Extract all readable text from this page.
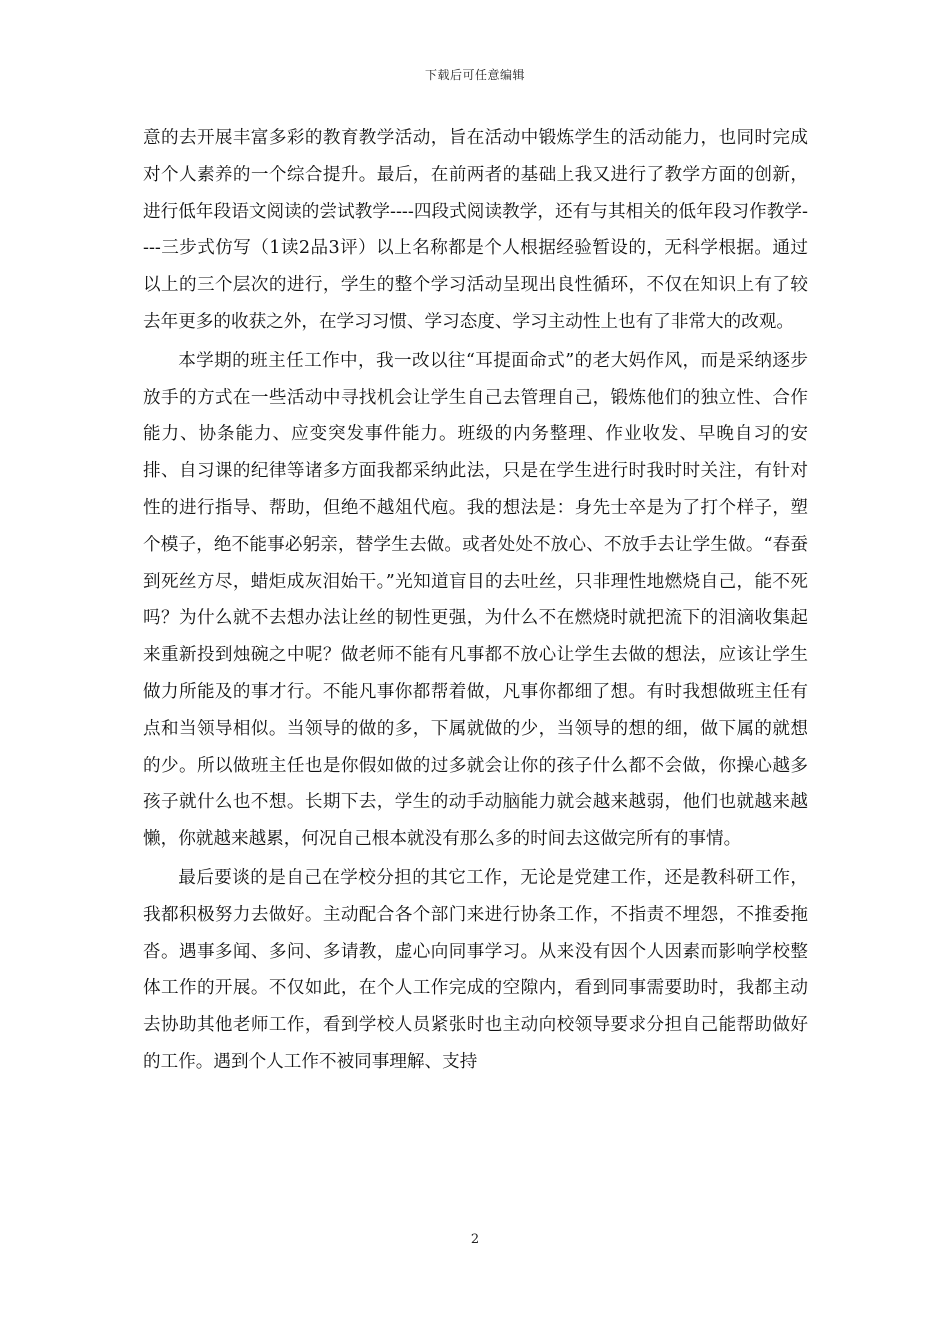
下载后可任意编辑

意的去开展丰富多彩的教育教学活动，旨在活动中锻炼学生的活动能力，也同时完成对个人素养的一个综合提升。最后，在前两者的基础上我又进行了教学方面的创新，进行低年段语文阅读的尝试教学----四段式阅读教学，还有与其相关的低年段习作教学----三步式仿写（1读2品3评）以上名称都是个人根据经验暂设的，无科学根据。通过以上的三个层次的进行，学生的整个学习活动呈现出良性循环，不仅在知识上有了较去年更多的收获之外，在学习习惯、学习态度、学习主动性上也有了非常大的改观。

本学期的班主任工作中，我一改以往“耳提面命式”的老大妈作风，而是采纳逐步放手的方式在一些活动中寻找机会让学生自己去管理自己，锻炼他们的独立性、合作能力、协条能力、应变突发事件能力。班级的内务整理、作业收发、早晚自习的安排、自习课的纪律等诸多方面我都采纳此法，只是在学生进行时我时时关注，有针对性的进行指导、帮助，但绝不越俎代庖。我的想法是：身先士卒是为了打个样子，塑个模子，绝不能事必躬亲，替学生去做。或者处处不放心、不放手去让学生做。“春蚕到死丝方尽，蜡炬成灰泪始干。”光知道盲目的去吐丝，只非理性地燃烧自己，能不死吗？为什么就不去想办法让丝的韧性更强，为什么不在燃烧时就把流下的泪滴收集起来重新投到烛碗之中呢？做老师不能有凡事都不放心让学生去做的想法，应该让学生做力所能及的事才行。不能凡事你都帮着做，凡事你都细了想。有时我想做班主任有点和当领导相似。当领导的做的多，下属就做的少，当领导的想的细，做下属的就想的少。所以做班主任也是你假如做的过多就会让你的孩子什么都不会做，你操心越多孩子就什么也不想。长期下去，学生的动手动脑能力就会越来越弱，他们也就越来越懒，你就越来越累，何况自己根本就没有那么多的时间去这做完所有的事情。

最后要谈的是自己在学校分担的其它工作，无论是党建工作，还是教科研工作，我都积极努力去做好。主动配合各个部门来进行协条工作，不指责不埋怨，不推委拖沓。遇事多闻、多问、多请教，虚心向同事学习。从来没有因个人因素而影响学校整体工作的开展。不仅如此，在个人工作完成的空隙内，看到同事需要助时，我都主动去协助其他老师工作，看到学校人员紧张时也主动向校领导要求分担自己能帮助做好的工作。遇到个人工作不被同事理解、支持

2
